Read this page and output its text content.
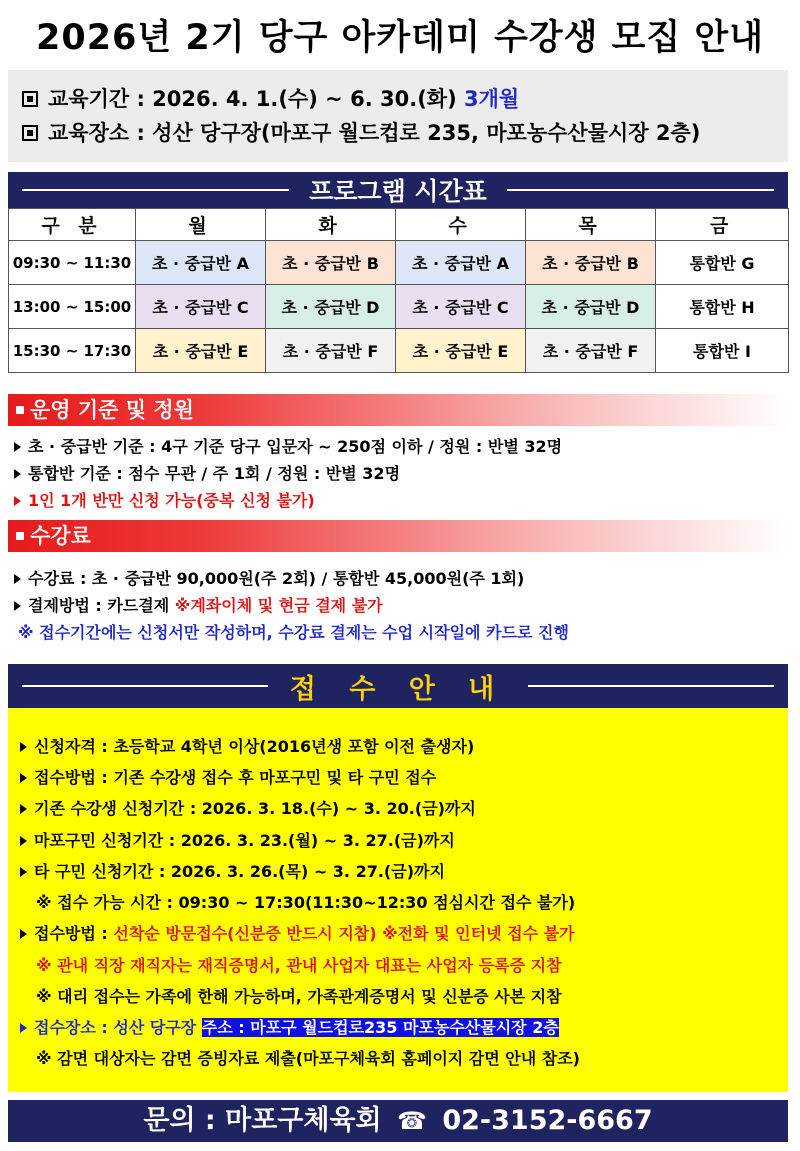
2026년 2기 당구 아카데미 수강생 모집 안내
교육기간 : 2026. 4. 1.(수) ~ 6. 30.(화) 3개월
교육장소 : 성산 당구장(마포구 월드컵로 235, 마포농수산물시장 2층)
프로그램 시간표
구 분	월	화	수	목	금
09:30 ~ 11:30	초 · 중급반 A	초 · 중급반 B	초 · 중급반 A	초 · 중급반 B	통합반 G
13:00 ~ 15:00	초 · 중급반 C	초 · 중급반 D	초 · 중급반 C	초 · 중급반 D	통합반 H
15:30 ~ 17:30	초 · 중급반 E	초 · 중급반 F	초 · 중급반 E	초 · 중급반 F	통합반 I
운영 기준 및 정원
초 · 중급반 기준 : 4구 기준 당구 입문자 ~ 250점 이하 / 정원 : 반별 32명
통합반 기준 : 점수 무관 / 주 1회 / 정원 : 반별 32명
1인 1개 반만 신청 가능(중복 신청 불가)
수강료
수강료 : 초 · 중급반 90,000원(주 2회) / 통합반 45,000원(주 1회)
결제방법 : 카드결제 ※계좌이체 및 현금 결제 불가
※ 접수기간에는 신청서만 작성하며, 수강료 결제는 수업 시작일에 카드로 진행
접 수 안 내
신청자격 : 초등학교 4학년 이상(2016년생 포함 이전 출생자)
접수방법 : 기존 수강생 접수 후 마포구민 및 타 구민 접수
기존 수강생 신청기간 : 2026. 3. 18.(수) ~ 3. 20.(금)까지
마포구민 신청기간 : 2026. 3. 23.(월) ~ 3. 27.(금)까지
타 구민 신청기간 : 2026. 3. 26.(목) ~ 3. 27.(금)까지
※ 접수 가능 시간 : 09:30 ~ 17:30(11:30~12:30 점심시간 접수 불가)
접수방법 : 선착순 방문접수(신분증 반드시 지참) ※전화 및 인터넷 접수 불가
※ 관내 직장 재직자는 재직증명서, 관내 사업자 대표는 사업자 등록증 지참
※ 대리 접수는 가족에 한해 가능하며, 가족관계증명서 및 신분증 사본 지참
접수장소 : 성산 당구장 주소 : 마포구 월드컵로235 마포농수산물시장 2층
※ 감면 대상자는 감면 증빙자료 제출(마포구체육회 홈페이지 감면 안내 참조)
문의 : 마포구체육회 ☎ 02-3152-6667
